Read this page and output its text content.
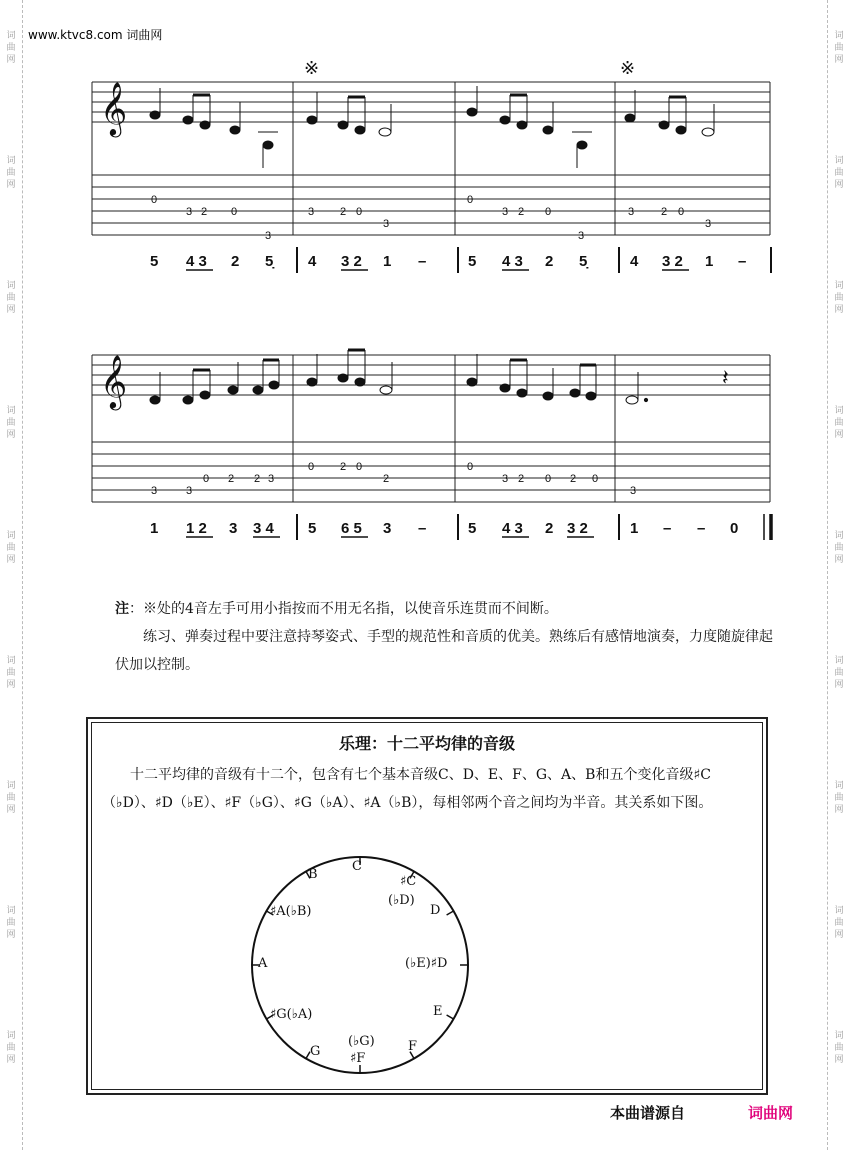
词
曲
网
词
曲
网
词
曲
网
词
曲
网
词
曲
网
词
曲
网
词
曲
网
词
曲
网
词
曲
网
词
曲
网
词
曲
网
词
曲
网
词
曲
网
词
曲
网
词
曲
网
词
曲
网
词
曲
网
词
曲
网
www.ktvc8.com 词曲网
※	※
𝄞
𝄞	𝄽
0
3 2 0
3
3 2 0
3
0
3 2 0
3
3 2 0
3
3	3
0 2 2 3
0 2 0
2
0
3 2 0 2 0
3
5 4 3 2 5̣ 4 3 2 1 –	5 4 3 2 5̣	4 3 2 1 –
1 1 2 3 3 4 5 6 5 3 –	5 4 3 2 3 2	1 – – 0

注：※处的4音左手可用小指按而不用无名指，以使音乐连贯而不间断。

练习、弹奏过程中要注意持琴姿式、手型的规范性和音质的优美。熟练后有感情地演奏，力度随旋律起伏加以控制。

乐理：十二平均律的音级

十二平均律的音级有十二个，包含有七个基本音级C、D、E、F、G、A、B和五个变化音级♯C（♭D）、♯D（♭E）、♯F（♭G）、♯G（♭A）、♯A（♭B），每相邻两个音之间均为半音。其关系如下图。

C
♯C
(♭D)
D
(♭E)♯D
E
F
(♭G)
♯F
G
♯G(♭A)
A
♯A(♭B)
B
本曲谱源自	词曲网
